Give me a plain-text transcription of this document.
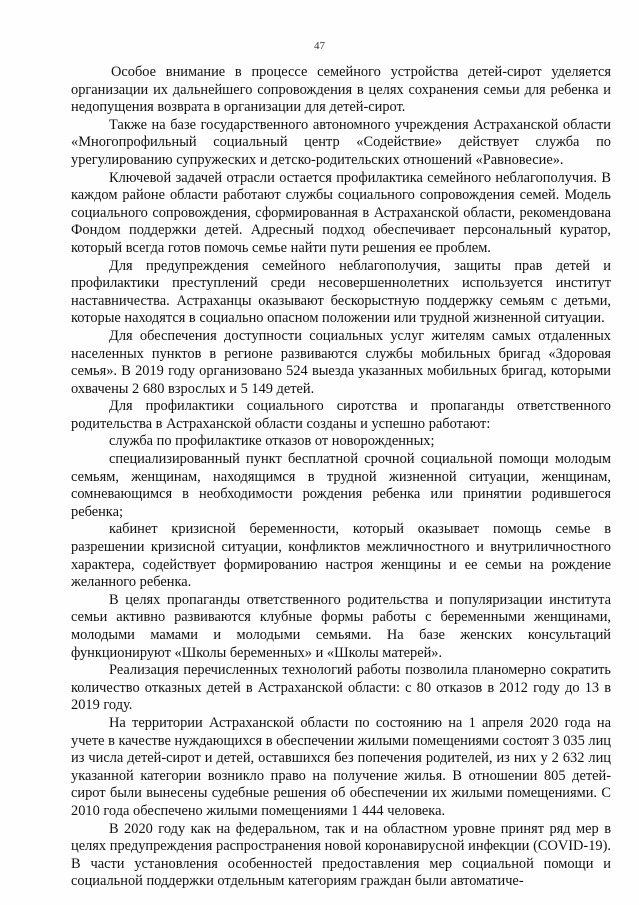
47

Особое внимание в процессе семейного устройства детей-сирот уделяется организации их дальнейшего сопровождения в целях сохранения семьи для ребенка и недопущения возврата в организации для детей-сирот.

Также на базе государственного автономного учреждения Астраханской области «Многопрофильный социальный центр «Содействие» действует служба по урегулированию супружеских и детско-родительских отношений «Равновесие».

Ключевой задачей отрасли остается профилактика семейного неблагополучия. В каждом районе области работают службы социального сопровождения семей. Модель социального сопровождения, сформированная в Астраханской области, рекомендована Фондом поддержки детей. Адресный подход обеспечивает персональный куратор, который всегда готов помочь семье найти пути решения ее проблем.

Для предупреждения семейного неблагополучия, защиты прав детей и профилактики преступлений среди несовершеннолетних используется институт наставничества. Астраханцы оказывают бескорыстную поддержку семьям с детьми, которые находятся в социально опасном положении или трудной жизненной ситуации.

Для обеспечения доступности социальных услуг жителям самых отдаленных населенных пунктов в регионе развиваются службы мобильных бригад «Здоровая семья». В 2019 году организовано 524 выезда указанных мобильных бригад, которыми охвачены 2 680 взрослых и 5 149 детей.

Для профилактики социального сиротства и пропаганды ответственного родительства в Астраханской области созданы и успешно работают:

служба по профилактике отказов от новорожденных;

специализированный пункт бесплатной срочной социальной помощи молодым семьям, женщинам, находящимся в трудной жизненной ситуации, женщинам, сомневающимся в необходимости рождения ребенка или принятии родившегося ребенка;

кабинет кризисной беременности, который оказывает помощь семье в разрешении кризисной ситуации, конфликтов межличностного и внутриличностного характера, содействует формированию настроя женщины и ее семьи на рождение желанного ребенка.

В целях пропаганды ответственного родительства и популяризации института семьи активно развиваются клубные формы работы с беременными женщинами, молодыми мамами и молодыми семьями. На базе женских консультаций функционируют «Школы беременных» и «Школы матерей».

Реализация перечисленных технологий работы позволила планомерно сократить количество отказных детей в Астраханской области: с 80 отказов в 2012 году до 13 в 2019 году.

На территории Астраханской области по состоянию на 1 апреля 2020 года на учете в качестве нуждающихся в обеспечении жилыми помещениями состоят 3 035 лиц из числа детей-сирот и детей, оставшихся без попечения родителей, из них у 2 632 лиц указанной категории возникло право на получение жилья. В отношении 805 детей-сирот были вынесены судебные решения об обеспечении их жилыми помещениями. С 2010 года обеспечено жилыми помещениями 1 444 человека.

В 2020 году как на федеральном, так и на областном уровне принят ряд мер в целях предупреждения распространения новой коронавирусной инфекции (COVID-19). В части установления особенностей предоставления мер социальной помощи и социальной поддержки отдельным категориям граждан были автоматиче-
